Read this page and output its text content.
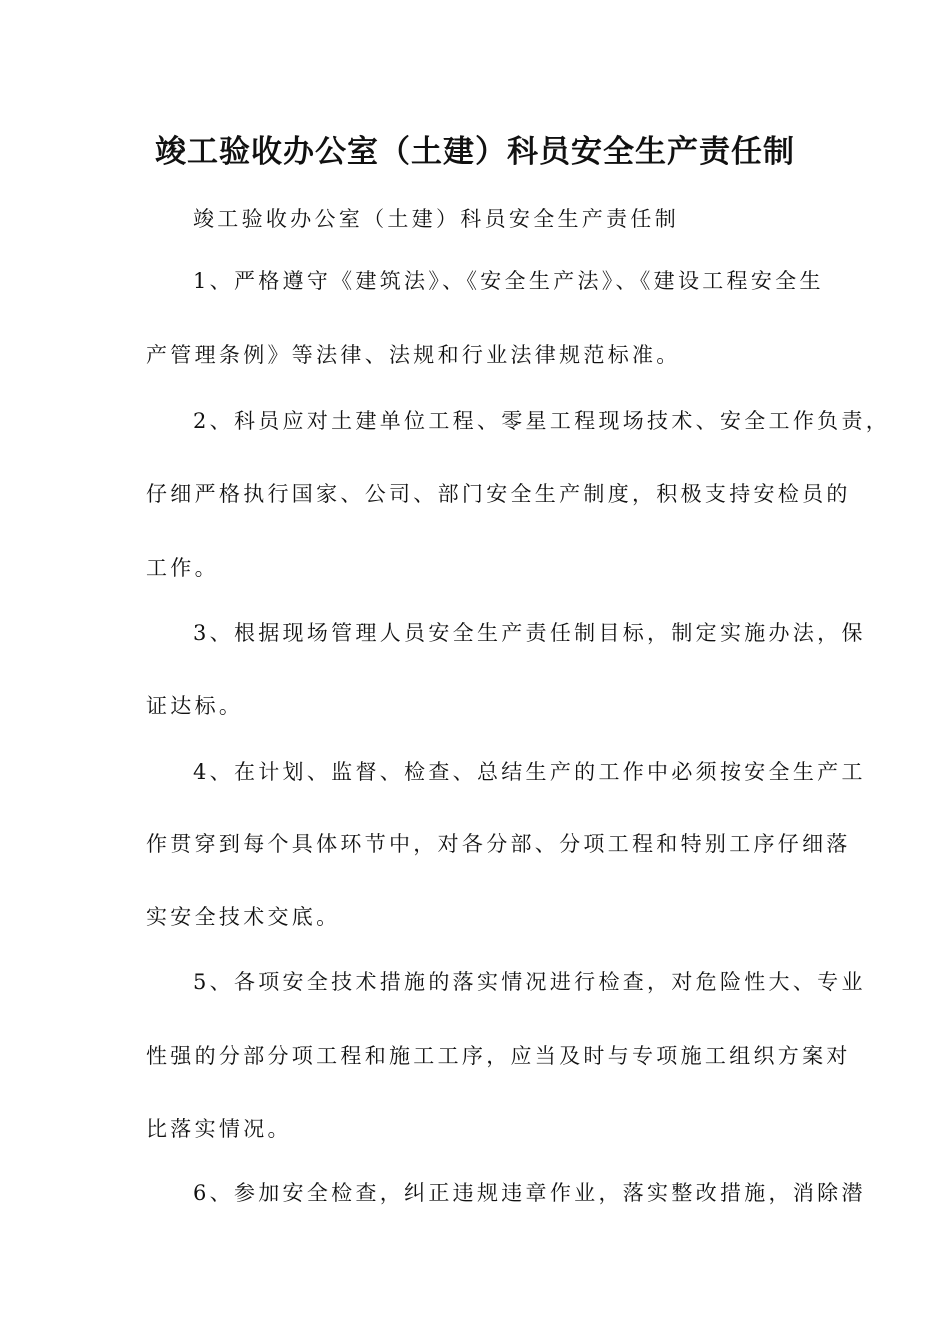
竣工验收办公室（土建）科员安全生产责任制

竣工验收办公室（土建）科员安全生产责任制

1、严格遵守《建筑法》、《安全生产法》、《建设工程安全生

产管理条例》等法律、法规和行业法律规范标准。

2、科员应对土建单位工程、零星工程现场技术、安全工作负责，

仔细严格执行国家、公司、部门安全生产制度，积极支持安检员的

工作。

3、根据现场管理人员安全生产责任制目标，制定实施办法，保

证达标。

4、在计划、监督、检查、总结生产的工作中必须按安全生产工

作贯穿到每个具体环节中，对各分部、分项工程和特别工序仔细落

实安全技术交底。

5、各项安全技术措施的落实情况进行检查，对危险性大、专业

性强的分部分项工程和施工工序，应当及时与专项施工组织方案对

比落实情况。

6、参加安全检查，纠正违规违章作业，落实整改措施，消除潜
